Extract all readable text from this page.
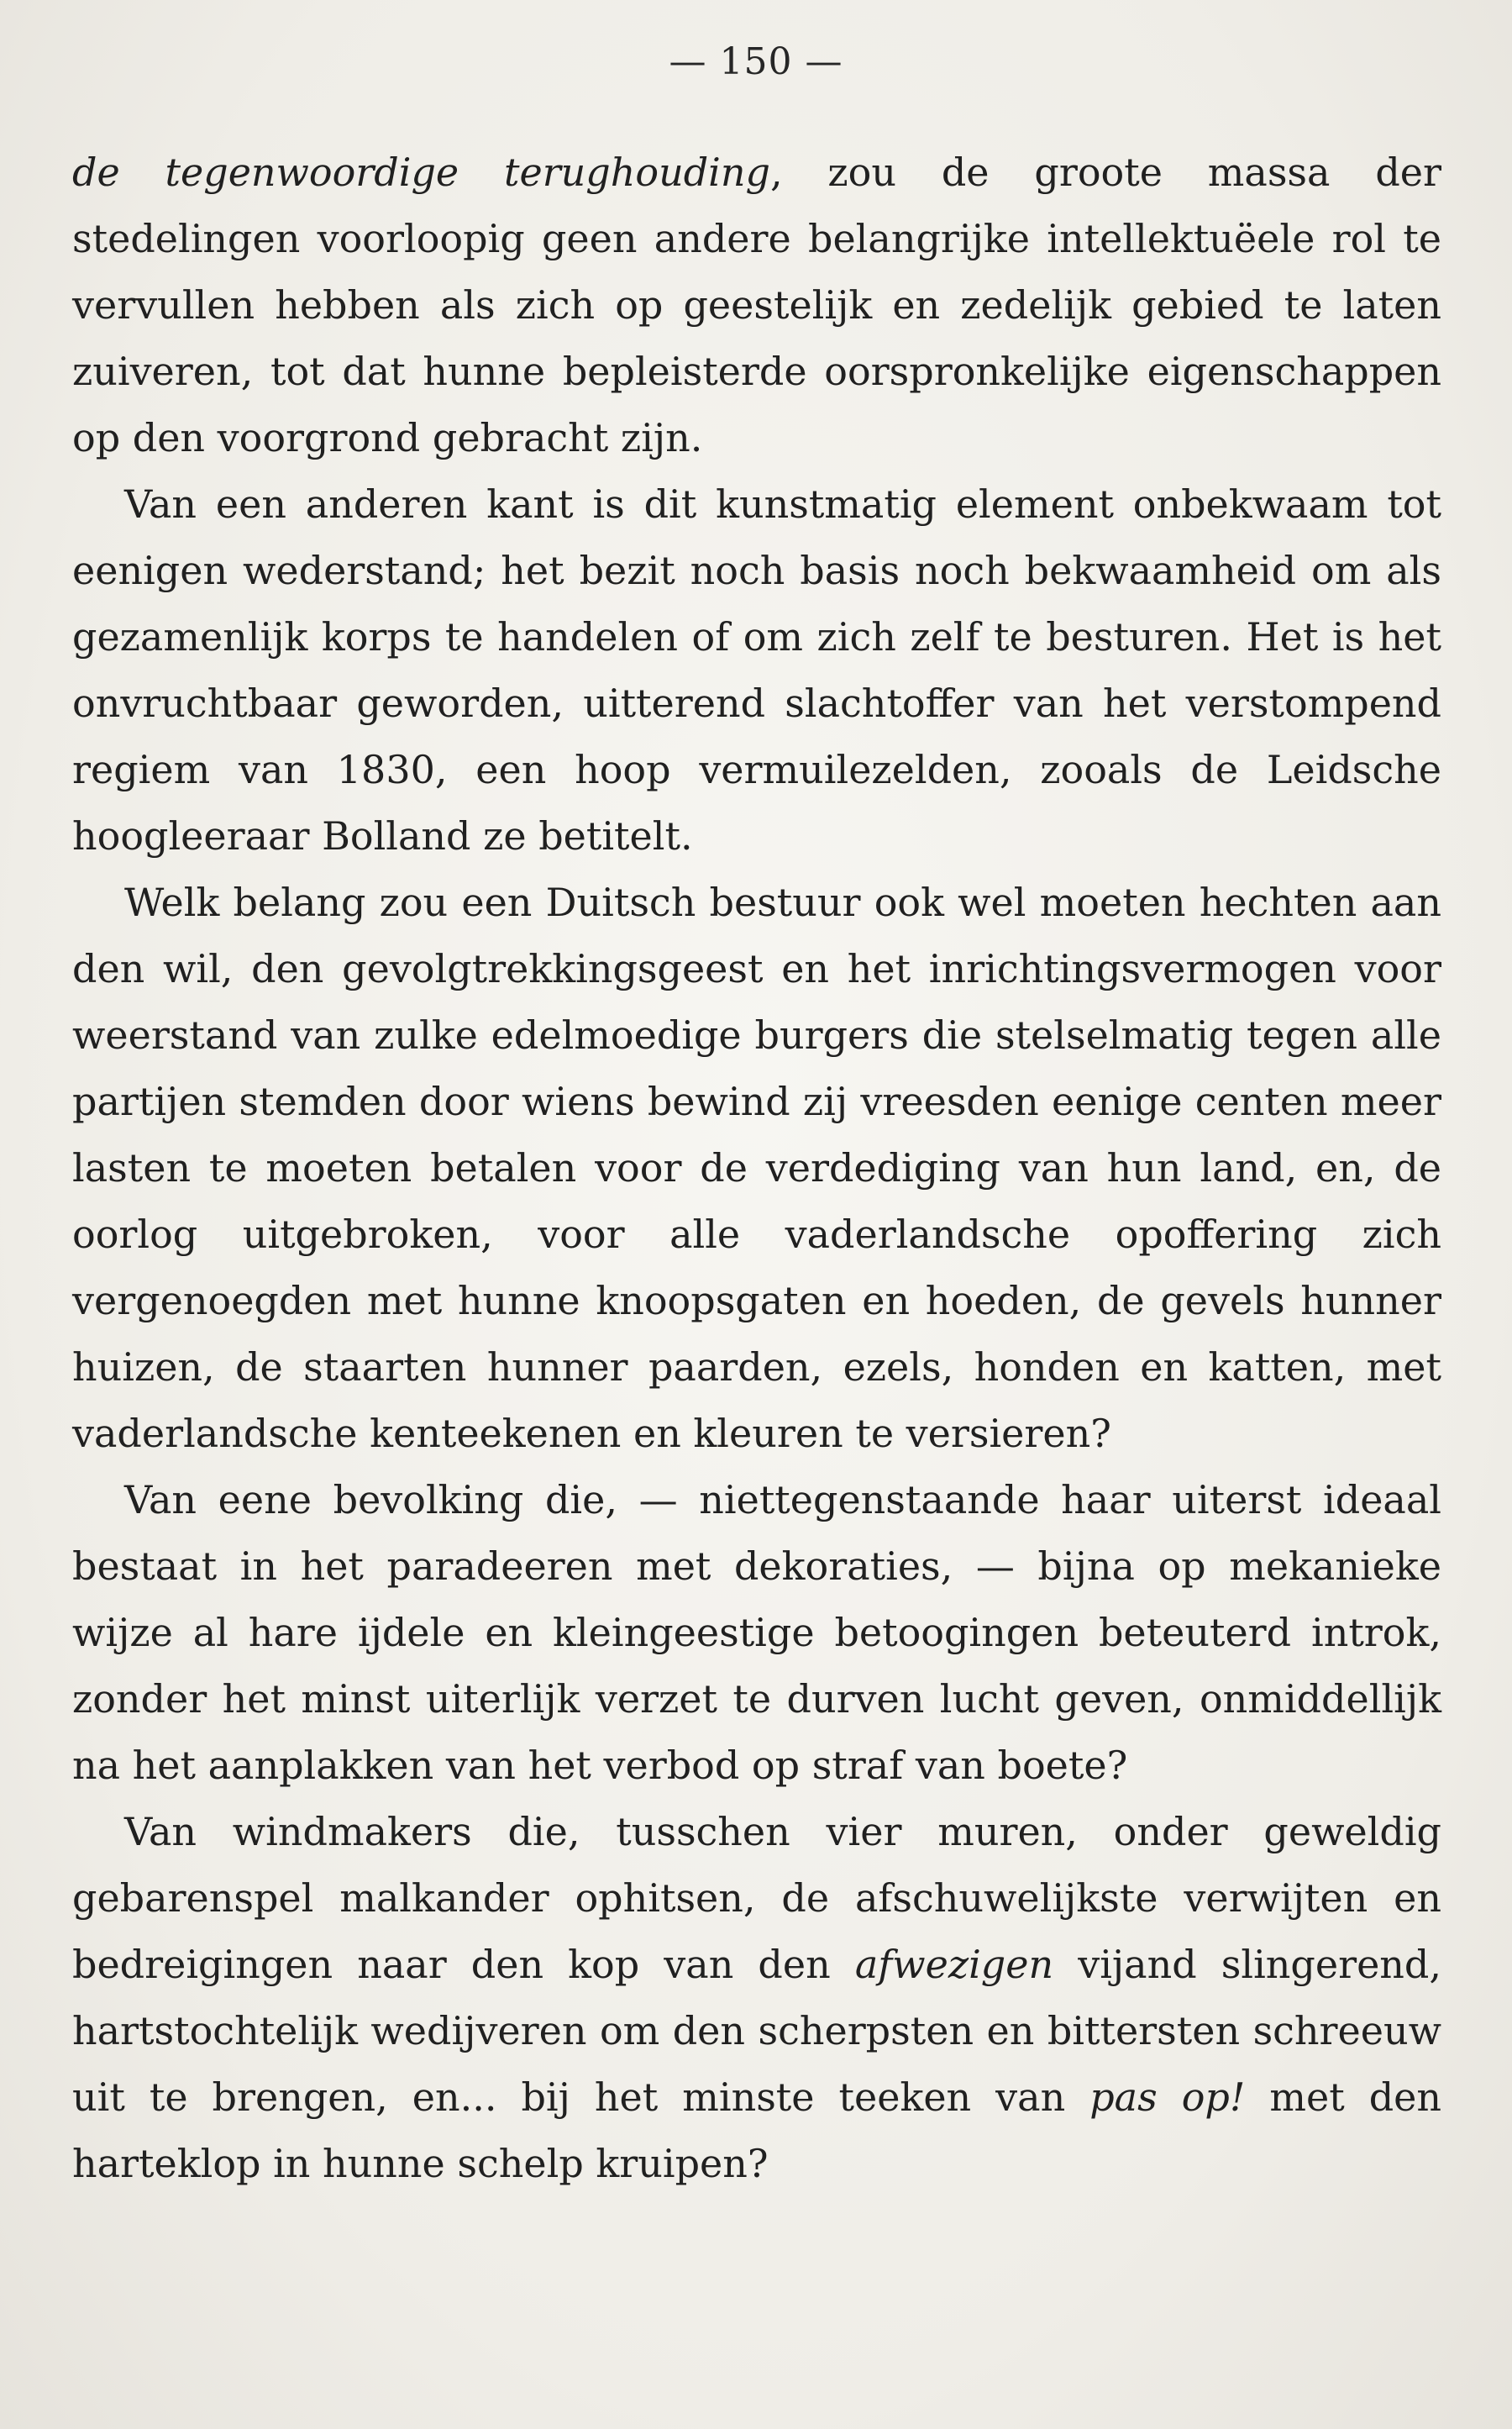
— 150 —

de tegenwoordige terughouding, zou de groote massa der stedelingen voorloopig geen andere belangrijke intellektuëele rol te vervullen hebben als zich op geestelijk en zedelijk gebied te laten zuiveren, tot dat hunne bepleisterde oorspronkelijke eigenschappen op den voorgrond gebracht zijn.

Van een anderen kant is dit kunstmatig element onbekwaam tot eenigen wederstand; het bezit noch basis noch bekwaamheid om als gezamenlijk korps te handelen of om zich zelf te besturen. Het is het onvruchtbaar geworden, uitterend slachtoffer van het verstompend regiem van 1830, een hoop vermuilezelden, zooals de Leidsche hoogleeraar Bolland ze betitelt.

Welk belang zou een Duitsch bestuur ook wel moeten hechten aan den wil, den gevolgtrekkingsgeest en het inrichtingsvermogen voor weerstand van zulke edelmoedige burgers die stelselmatig tegen alle partijen stemden door wiens bewind zij vreesden eenige centen meer lasten te moeten betalen voor de verdediging van hun land, en, de oorlog uitgebroken, voor alle vaderlandsche opoffering zich vergenoegden met hunne knoopsgaten en hoeden, de gevels hunner huizen, de staarten hunner paarden, ezels, honden en katten, met vaderlandsche kenteekenen en kleuren te versieren?

Van eene bevolking die, — niettegenstaande haar uiterst ideaal bestaat in het paradeeren met dekoraties, — bijna op mekanieke wijze al hare ijdele en kleingeestige betoogingen beteuterd introk, zonder het minst uiterlijk verzet te durven lucht geven, onmiddellijk na het aanplakken van het verbod op straf van boete?

Van windmakers die, tusschen vier muren, onder geweldig gebarenspel malkander ophitsen, de afschuwelijkste verwijten en bedreigingen naar den kop van den afwezigen vijand slingerend, hartstochtelijk wedijveren om den scherpsten en bittersten schreeuw uit te brengen, en... bij het minste teeken van pas op! met den harteklop in hunne schelp kruipen?
